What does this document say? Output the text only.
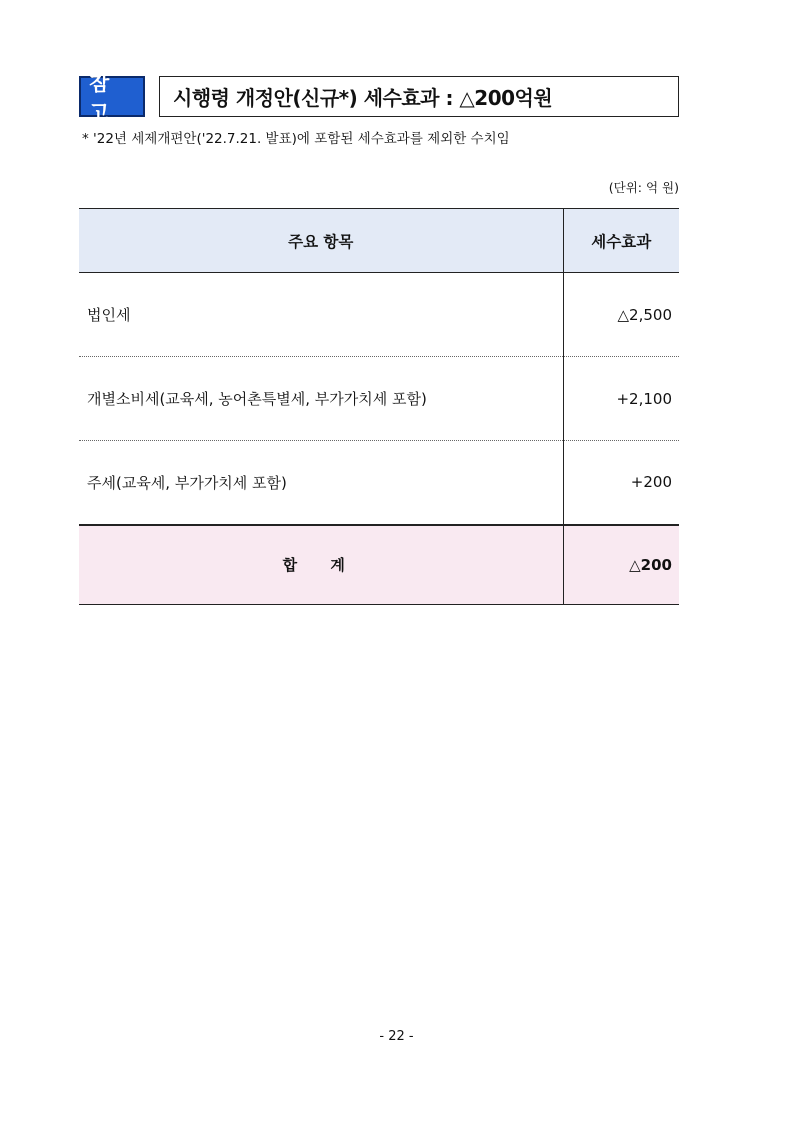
참 고
시행령 개정안(신규*) 세수효과 : △200억원
* '22년 세제개편안('22.7.21. 발표)에 포함된 세수효과를 제외한 수치임
(단위: 억 원)
주요 항목	세수효과
법인세	△2,500
개별소비세(교육세, 농어촌특별세, 부가가치세 포함)	+2,100
주세(교육세, 부가가치세 포함)	+200
합 계	△200
- 22 -
